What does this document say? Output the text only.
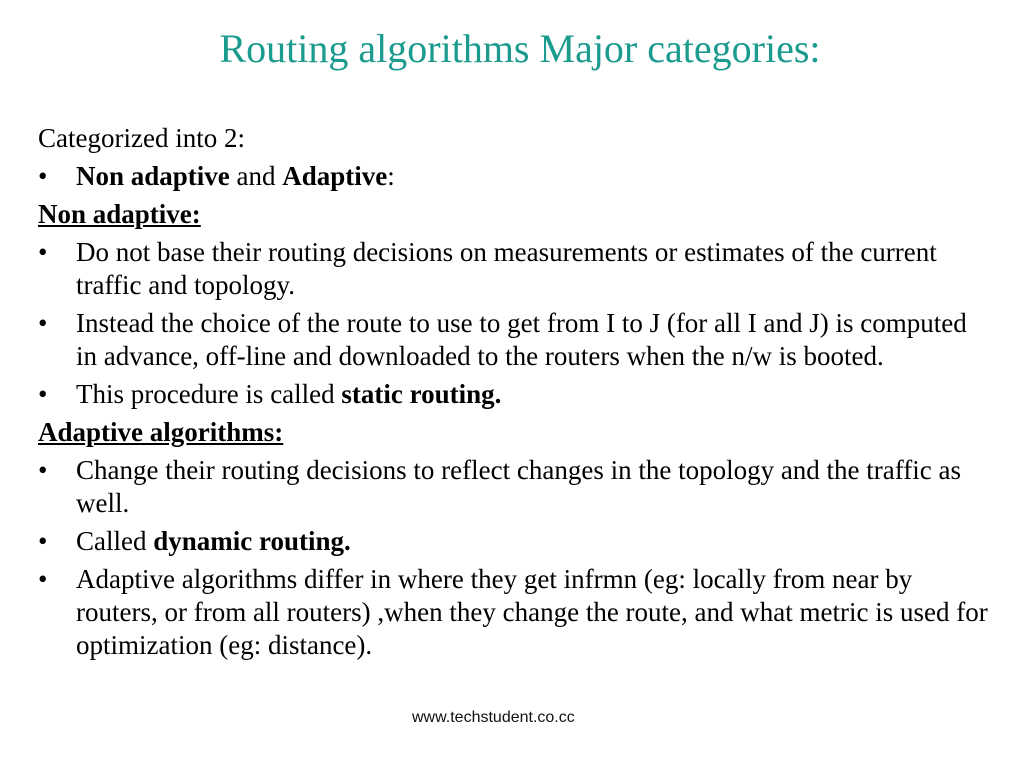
Routing algorithms Major categories:

Categorized into 2:

• Non adaptive and Adaptive:

Non adaptive:

• Do not base their routing decisions on measurements or estimates of the current traffic and topology.
• Instead the choice of the route to use to get from I to J (for all I and J) is computed in advance, off-line and downloaded to the routers when the n/w is booted.
• This procedure is called static routing.

Adaptive algorithms:

• Change their routing decisions to reflect changes in the topology and the traffic as well.
• Called dynamic routing.
• Adaptive algorithms differ in where they get infrmn (eg: locally from near by routers, or from all routers) ,when they change the route, and what metric is used for optimization (eg: distance).
www.techstudent.co.cc
